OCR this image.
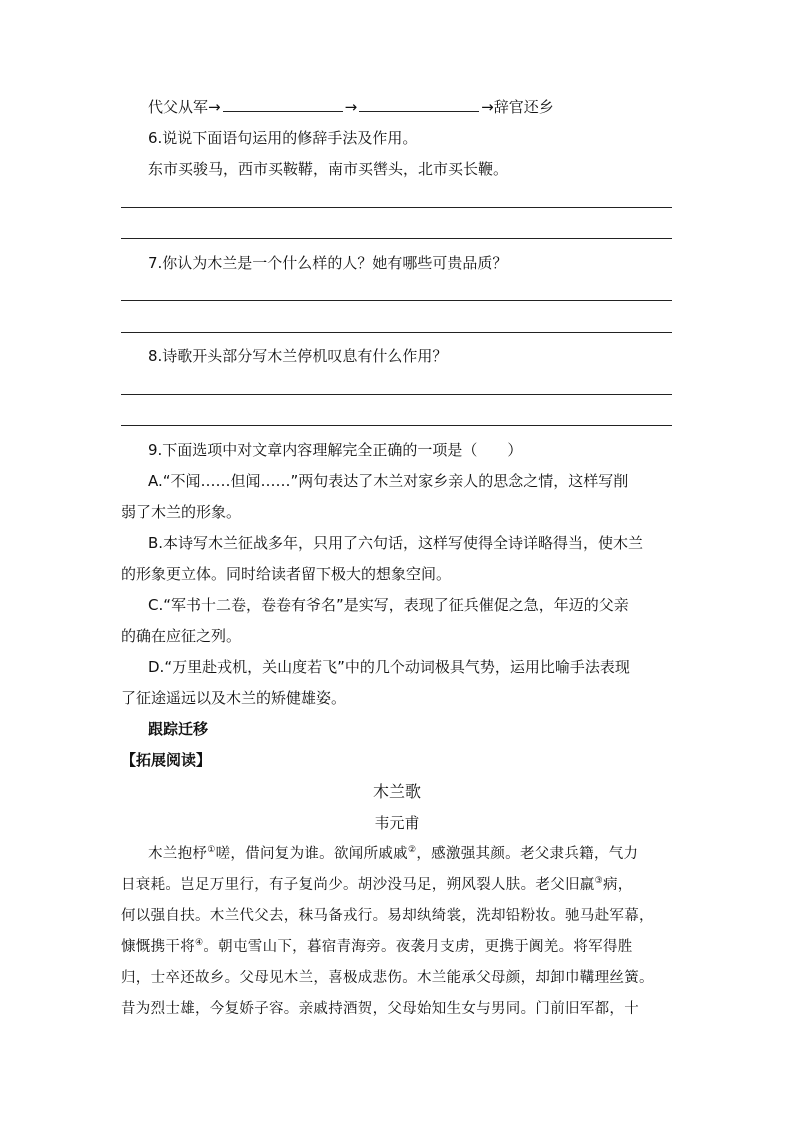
代父从军→	→	→辞官还乡
6.说说下面语句运用的修辞手法及作用。
东市买骏马，西市买鞍鞯，南市买辔头，北市买长鞭。
7.你认为木兰是一个什么样的人？她有哪些可贵品质？
8.诗歌开头部分写木兰停机叹息有什么作用？
9.下面选项中对文章内容理解完全正确的一项是（　　）
A.“不闻……但闻……”两句表达了木兰对家乡亲人的思念之情，这样写削
弱了木兰的形象。
B.本诗写木兰征战多年，只用了六句话，这样写使得全诗详略得当，使木兰
的形象更立体。同时给读者留下极大的想象空间。
C.“军书十二卷，卷卷有爷名”是实写，表现了征兵催促之急，年迈的父亲
的确在应征之列。
D.“万里赴戎机，关山度若飞”中的几个动词极具气势，运用比喻手法表现
了征途遥远以及木兰的矫健雄姿。
跟踪迁移
【拓展阅读】
木兰歌
韦元甫
木兰抱杼①嗟，借问复为谁。欲闻所戚戚②，感激强其颜。老父隶兵籍，气力
日衰耗。岂足万里行，有子复尚少。胡沙没马足，朔风裂人肤。老父旧羸③病，
何以强自扶。木兰代父去，秣马备戎行。易却纨绮裳，洗却铅粉妆。驰马赴军幕，
慷慨携干将④。朝屯雪山下，暮宿青海旁。夜袭月支虏，更携于阗羌。将军得胜
归，士卒还故乡。父母见木兰，喜极成悲伤。木兰能承父母颜，却卸巾鞲理丝簧。
昔为烈士雄，今复娇子容。亲戚持酒贺，父母始知生女与男同。门前旧军都，十
